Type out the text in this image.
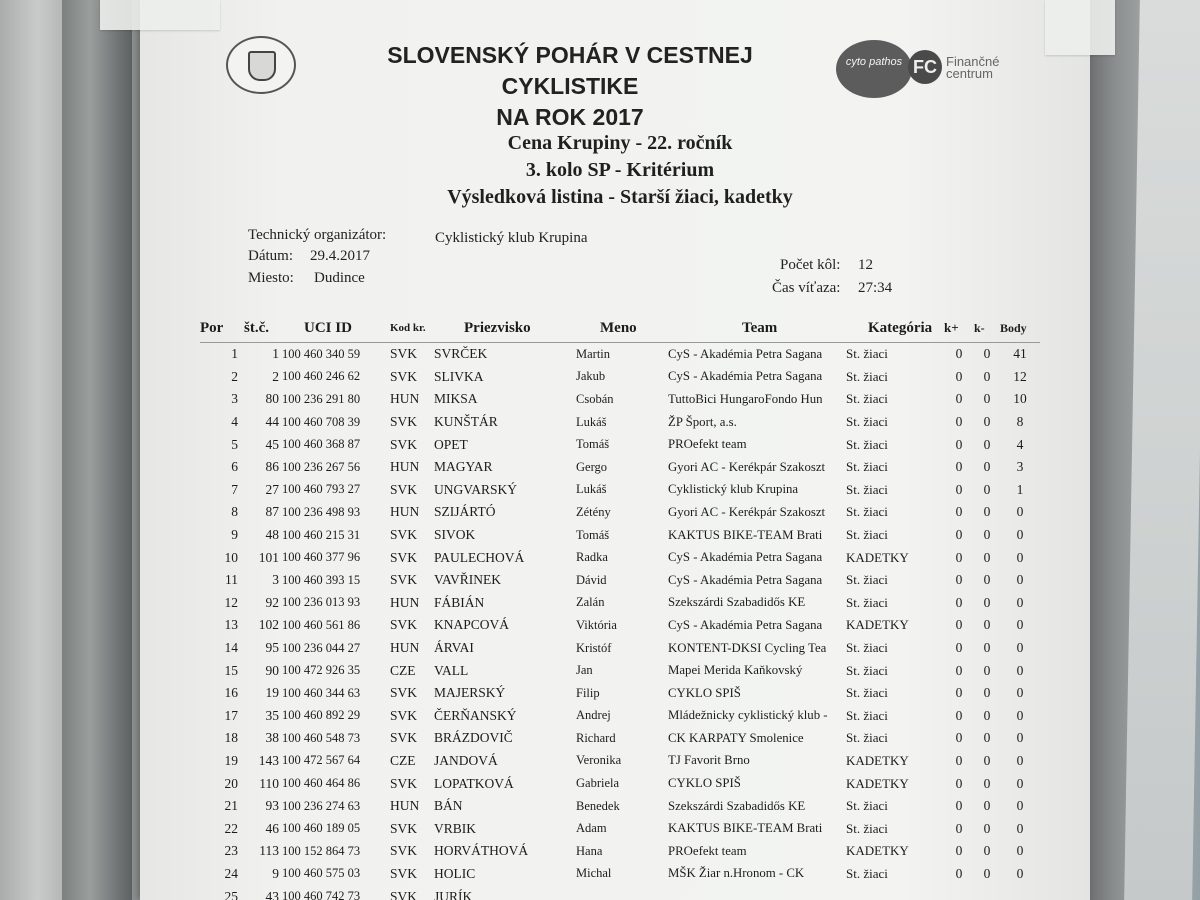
SLOVENSKÝ POHÁR V CESTNEJ CYKLISTIKE
NA ROK 2017
cyto pathos FC Finančné
centrum
Cena Krupiny - 22. ročník
3. kolo SP - Kritérium
Výsledková listina - Starší žiaci, kadetky
Technický organizátor:	Cyklistický klub Krupina
Dátum: 29.4.2017
Miesto: Dudince
Počet kôl: 12
Čas víťaza: 27:34
Por	št.č.	UCI ID	Kod kr.	Priezvisko	Meno	Team	Kategória	k+	k-	Body
1	1	100 460 340 59	SVK	SVRČEK	Martin	CyS - Akadémia Petra Sagana	St. žiaci	0	0	41
2	2	100 460 246 62	SVK	SLIVKA	Jakub	CyS - Akadémia Petra Sagana	St. žiaci	0	0	12
3	80	100 236 291 80	HUN	MIKSA	Csobán	TuttoBici HungaroFondo Hun	St. žiaci	0	0	10
4	44	100 460 708 39	SVK	KUNŠTÁR	Lukáš	ŽP Šport, a.s.	St. žiaci	0	0	8
5	45	100 460 368 87	SVK	OPET	Tomáš	PROefekt team	St. žiaci	0	0	4
6	86	100 236 267 56	HUN	MAGYAR	Gergo	Gyori AC - Kerékpár Szakoszt	St. žiaci	0	0	3
7	27	100 460 793 27	SVK	UNGVARSKÝ	Lukáš	Cyklistický klub Krupina	St. žiaci	0	0	1
8	87	100 236 498 93	HUN	SZIJÁRTÓ	Zétény	Gyori AC - Kerékpár Szakoszt	St. žiaci	0	0	0
9	48	100 460 215 31	SVK	SIVOK	Tomáš	KAKTUS BIKE-TEAM Brati	St. žiaci	0	0	0
10	101	100 460 377 96	SVK	PAULECHOVÁ	Radka	CyS - Akadémia Petra Sagana	KADETKY	0	0	0
11	3	100 460 393 15	SVK	VAVŘINEK	Dávid	CyS - Akadémia Petra Sagana	St. žiaci	0	0	0
12	92	100 236 013 93	HUN	FÁBIÁN	Zalán	Szekszárdi Szabadidős KE	St. žiaci	0	0	0
13	102	100 460 561 86	SVK	KNAPCOVÁ	Viktória	CyS - Akadémia Petra Sagana	KADETKY	0	0	0
14	95	100 236 044 27	HUN	ÁRVAI	Kristóf	KONTENT-DKSI Cycling Tea	St. žiaci	0	0	0
15	90	100 472 926 35	CZE	VALL	Jan	Mapei Merida Kaňkovský	St. žiaci	0	0	0
16	19	100 460 344 63	SVK	MAJERSKÝ	Filip	CYKLO SPIŠ	St. žiaci	0	0	0
17	35	100 460 892 29	SVK	ČERŇANSKÝ	Andrej	Mládežnicky cyklistický klub -	St. žiaci	0	0	0
18	38	100 460 548 73	SVK	BRÁZDOVIČ	Richard	CK KARPATY Smolenice	St. žiaci	0	0	0
19	143	100 472 567 64	CZE	JANDOVÁ	Veronika	TJ Favorit Brno	KADETKY	0	0	0
20	110	100 460 464 86	SVK	LOPATKOVÁ	Gabriela	CYKLO SPIŠ	KADETKY	0	0	0
21	93	100 236 274 63	HUN	BÁN	Benedek	Szekszárdi Szabadidős KE	St. žiaci	0	0	0
22	46	100 460 189 05	SVK	VRBIK	Adam	KAKTUS BIKE-TEAM Brati	St. žiaci	0	0	0
23	113	100 152 864 73	SVK	HORVÁTHOVÁ	Hana	PROefekt team	KADETKY	0	0	0
24	9	100 460 575 03	SVK	HOLIC	Michal	MŠK Žiar n.Hronom - CK	St. žiaci	0	0	0
25	43	100 460 742 73	SVK	JURÍK						
